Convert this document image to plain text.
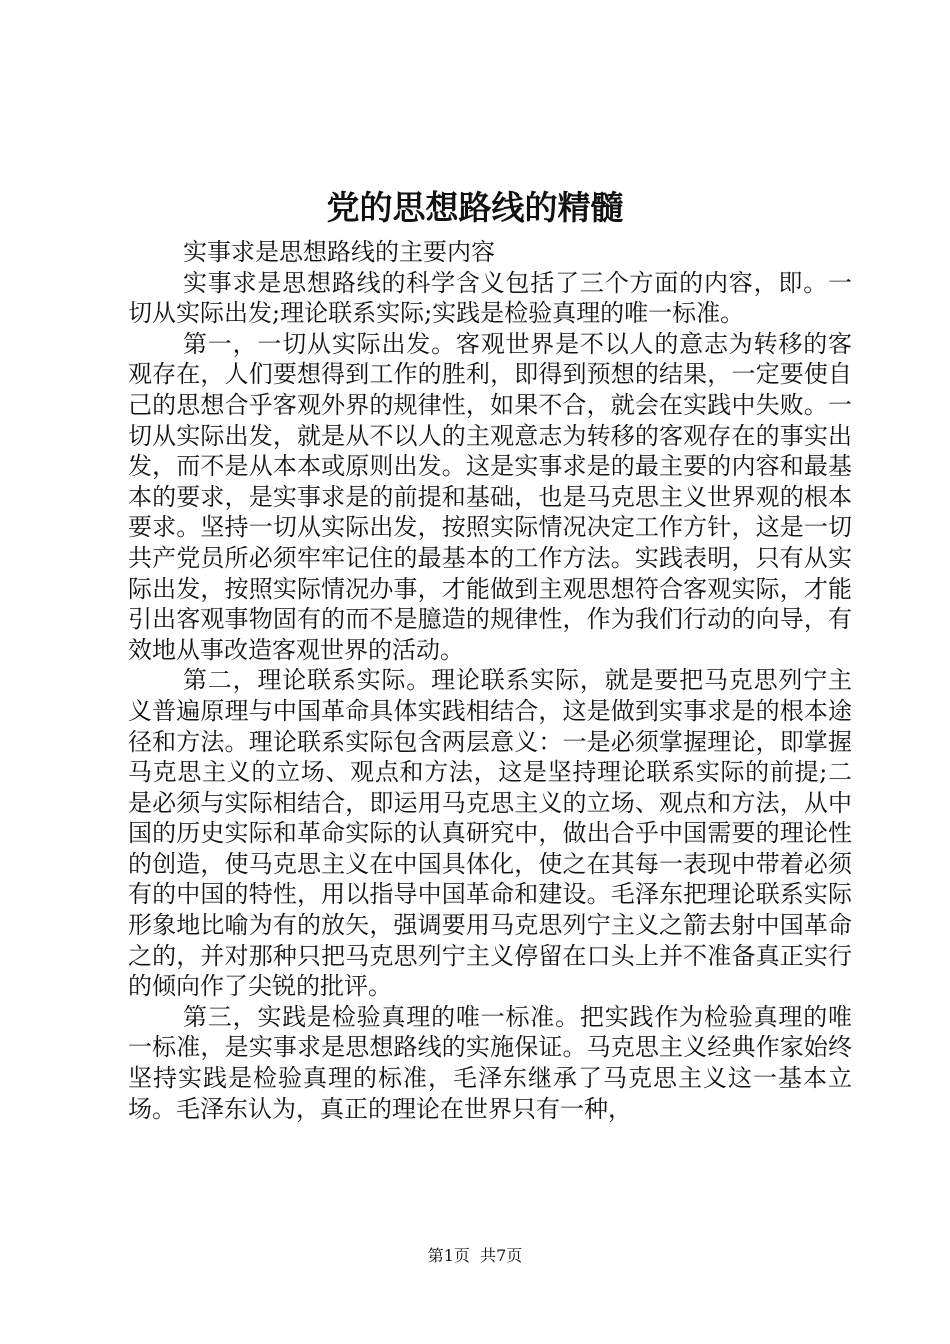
党的思想路线的精髓

实事求是思想路线的主要内容

实事求是思想路线的科学含义包括了三个方面的内容，即。一切从实际出发;理论联系实际;实践是检验真理的唯一标准。

第一，一切从实际出发。客观世界是不以人的意志为转移的客观存在，人们要想得到工作的胜利，即得到预想的结果，一定要使自己的思想合乎客观外界的规律性，如果不合，就会在实践中失败。一切从实际出发，就是从不以人的主观意志为转移的客观存在的事实出发，而不是从本本或原则出发。这是实事求是的最主要的内容和最基本的要求，是实事求是的前提和基础，也是马克思主义世界观的根本要求。坚持一切从实际出发，按照实际情况决定工作方针，这是一切共产党员所必须牢牢记住的最基本的工作方法。实践表明，只有从实际出发，按照实际情况办事，才能做到主观思想符合客观实际，才能引出客观事物固有的而不是臆造的规律性，作为我们行动的向导，有效地从事改造客观世界的活动。

第二，理论联系实际。理论联系实际，就是要把马克思列宁主义普遍原理与中国革命具体实践相结合，这是做到实事求是的根本途径和方法。理论联系实际包含两层意义：一是必须掌握理论，即掌握马克思主义的立场、观点和方法，这是坚持理论联系实际的前提;二是必须与实际相结合，即运用马克思主义的立场、观点和方法，从中国的历史实际和革命实际的认真研究中，做出合乎中国需要的理论性的创造，使马克思主义在中国具体化，使之在其每一表现中带着必须有的中国的特性，用以指导中国革命和建设。毛泽东把理论联系实际形象地比喻为有的放矢，强调要用马克思列宁主义之箭去射中国革命之的，并对那种只把马克思列宁主义停留在口头上并不准备真正实行的倾向作了尖锐的批评。

第三，实践是检验真理的唯一标准。把实践作为检验真理的唯一标准，是实事求是思想路线的实施保证。马克思主义经典作家始终坚持实践是检验真理的标准，毛泽东继承了马克思主义这一基本立场。毛泽东认为，真正的理论在世界只有一种，

第1页 共7页
